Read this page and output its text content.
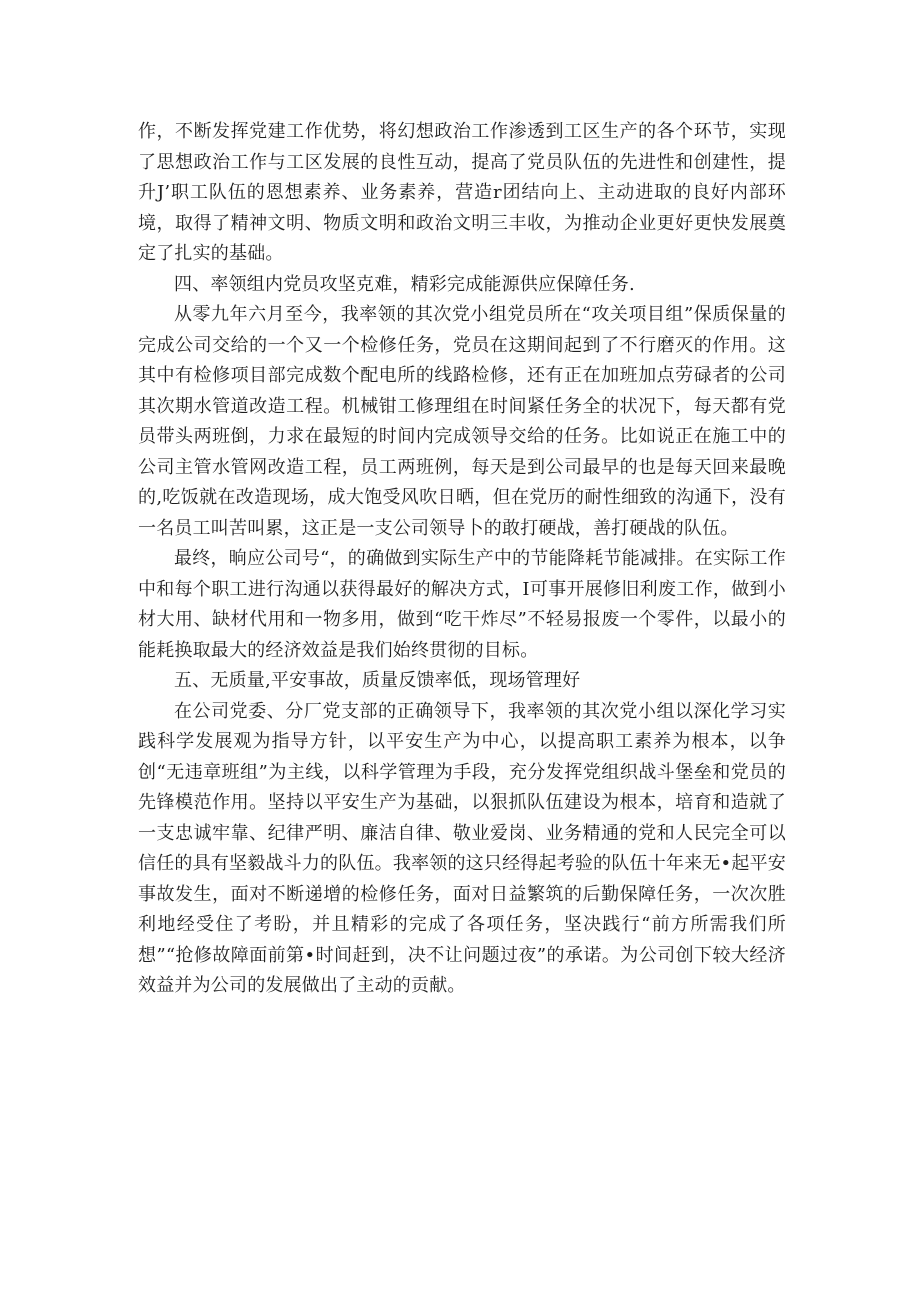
作，不断发挥党建工作优势，将幻想政治工作渗透到工区生产的各个环节，实现了思想政治工作与工区发展的良性互动，提高了党员队伍的先进性和创建性，提升J’职工队伍的恩想素养、业务素养，营造r团结向上、主动进取的良好内部环境，取得了精神文明、物质文明和政治文明三丰收，为推动企业更好更快发展奠定了扎实的基础。

四、率领组内党员攻坚克难，精彩完成能源供应保障任务.

从零九年六月至今，我率领的其次党小组党员所在“攻关项目组”保质保量的完成公司交给的一个又一个检修任务，党员在这期间起到了不行磨灭的作用。这其中有检修项目部完成数个配电所的线路检修，还有正在加班加点劳碌者的公司其次期水管道改造工程。机械钳工修理组在时间紧任务全的状况下，每天都有党员带头两班倒，力求在最短的时间内完成领导交给的任务。比如说正在施工中的公司主管水管网改造工程，员工两班例，每天是到公司最早的也是每天回来最晚的,吃饭就在改造现场，成大饱受风吹日晒，但在党历的耐性细致的沟通下，没有一名员工叫苦叫累，这正是一支公司领导卜的敢打硬战，善打硬战的队伍。

最终，晌应公司号“，的确做到实际生产中的节能降耗节能减排。在实际工作中和每个职工进行沟通以获得最好的解决方式，I可事开展修旧利废工作，做到小材大用、缺材代用和一物多用，做到“吃干炸尽”不轻易报废一个零件，以最小的能耗换取最大的经济效益是我们始终贯彻的目标。

五、无质量,平安事故，质量反馈率低，现场管理好

在公司党委、分厂党支部的正确领导下，我率领的其次党小组以深化学习实践科学发展观为指导方针，以平安生产为中心，以提高职工素养为根本，以争创“无违章班组”为主线，以科学管理为手段，充分发挥党组织战斗堡垒和党员的先锋模范作用。坚持以平安生产为基础，以狠抓队伍建设为根本，培育和造就了一支忠诚牢靠、纪律严明、廉洁自律、敬业爱岗、业务精通的党和人民完全可以信任的具有坚毅战斗力的队伍。我率领的这只经得起考验的队伍十年来无•起平安事故发生，面对不断递增的检修任务，面对日益繁筑的后勤保障任务，一次次胜利地经受住了考盼，并且精彩的完成了各项任务，坚决践行“前方所需我们所想”“抢修故障面前第•时间赶到，决不让问题过夜”的承诺。为公司创下较大经济效益并为公司的发展做出了主动的贡献。
